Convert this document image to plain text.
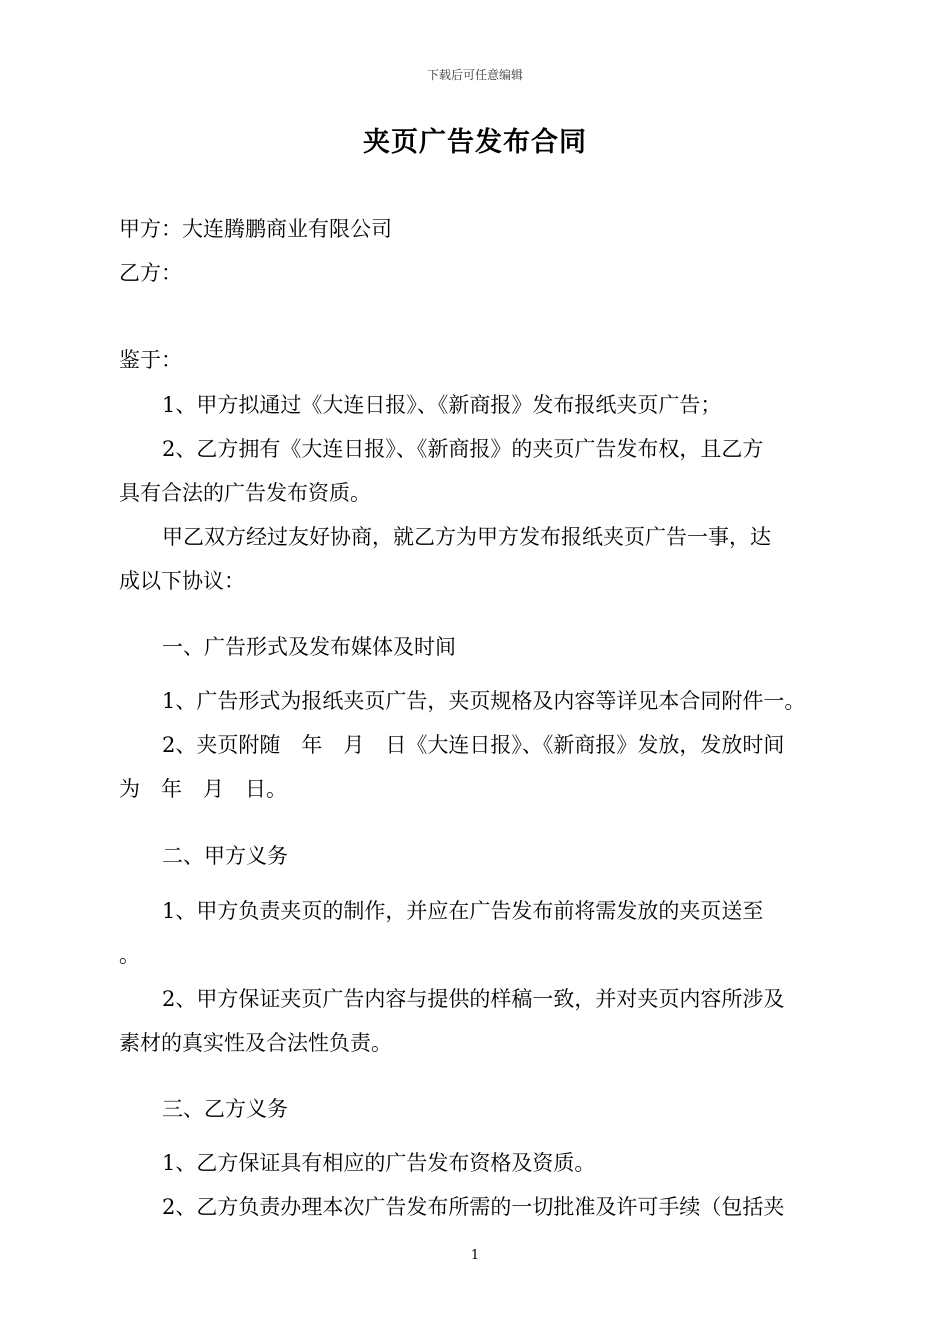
下载后可任意编辑
夹页广告发布合同
甲方：大连腾鹏商业有限公司
乙方：
鉴于：
1、甲方拟通过《大连日报》、《新商报》发布报纸夹页广告；
2、乙方拥有《大连日报》、《新商报》的夹页广告发布权，且乙方
具有合法的广告发布资质。
甲乙双方经过友好协商，就乙方为甲方发布报纸夹页广告一事，达
成以下协议：
一、广告形式及发布媒体及时间
1、广告形式为报纸夹页广告，夹页规格及内容等详见本合同附件一。
2、夹页附随　年　月　日《大连日报》、《新商报》发放，发放时间
为　年　月　日。
二、甲方义务
1、甲方负责夹页的制作，并应在广告发布前将需发放的夹页送至
。
2、甲方保证夹页广告内容与提供的样稿一致，并对夹页内容所涉及
素材的真实性及合法性负责。
三、乙方义务
1、乙方保证具有相应的广告发布资格及资质。
2、乙方负责办理本次广告发布所需的一切批准及许可手续（包括夹
1
